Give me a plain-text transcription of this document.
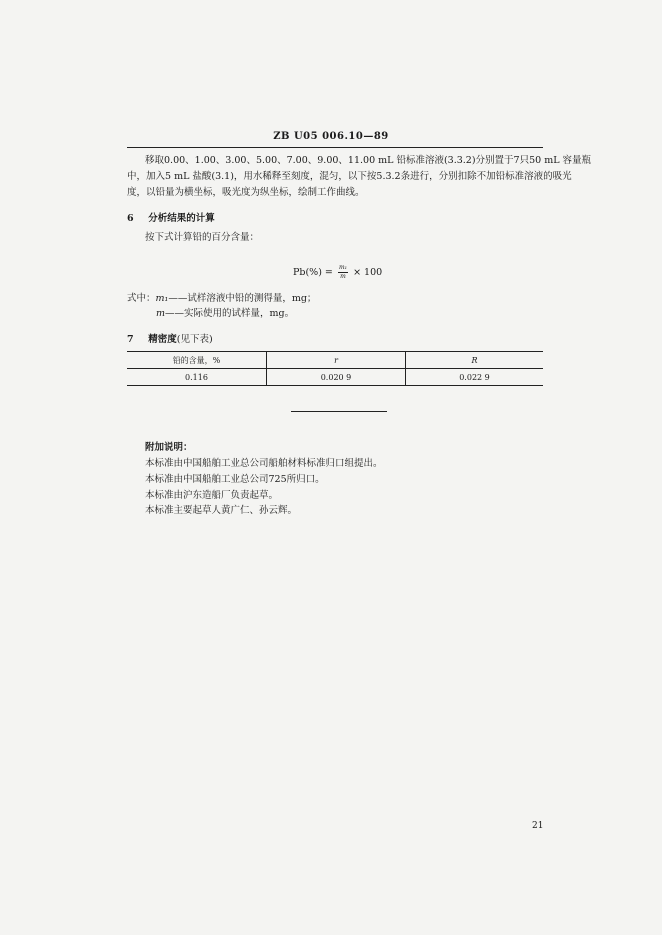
ZB U05 006.10—89
移取0.00、1.00、3.00、5.00、7.00、9.00、11.00 mL 铅标准溶液(3.3.2)分别置于7只50 mL 容量瓶
中，加入5 mL 盐酸(3.1)，用水稀释至刻度，混匀，以下按5.3.2条进行，分别扣除不加铅标准溶液的吸光
度，以铅量为横坐标，吸光度为纵坐标，绘制工作曲线。
6 分析结果的计算
按下式计算铅的百分含量：
$Pb(\%) = \frac{\text{m₁}}{m} \times 100$
式中：m₁——试样溶液中铅的测得量，mg；
m——实际使用的试样量，mg。
7 精密度(见下表)
铅的含量，%	r	R
0.116	0.020 9	0.022 9
附加说明：
本标准由中国船舶工业总公司船舶材料标准归口组提出。
本标准由中国船舶工业总公司725所归口。
本标准由沪东造船厂负责起草。
本标准主要起草人黄广仁、孙云辉。
21
